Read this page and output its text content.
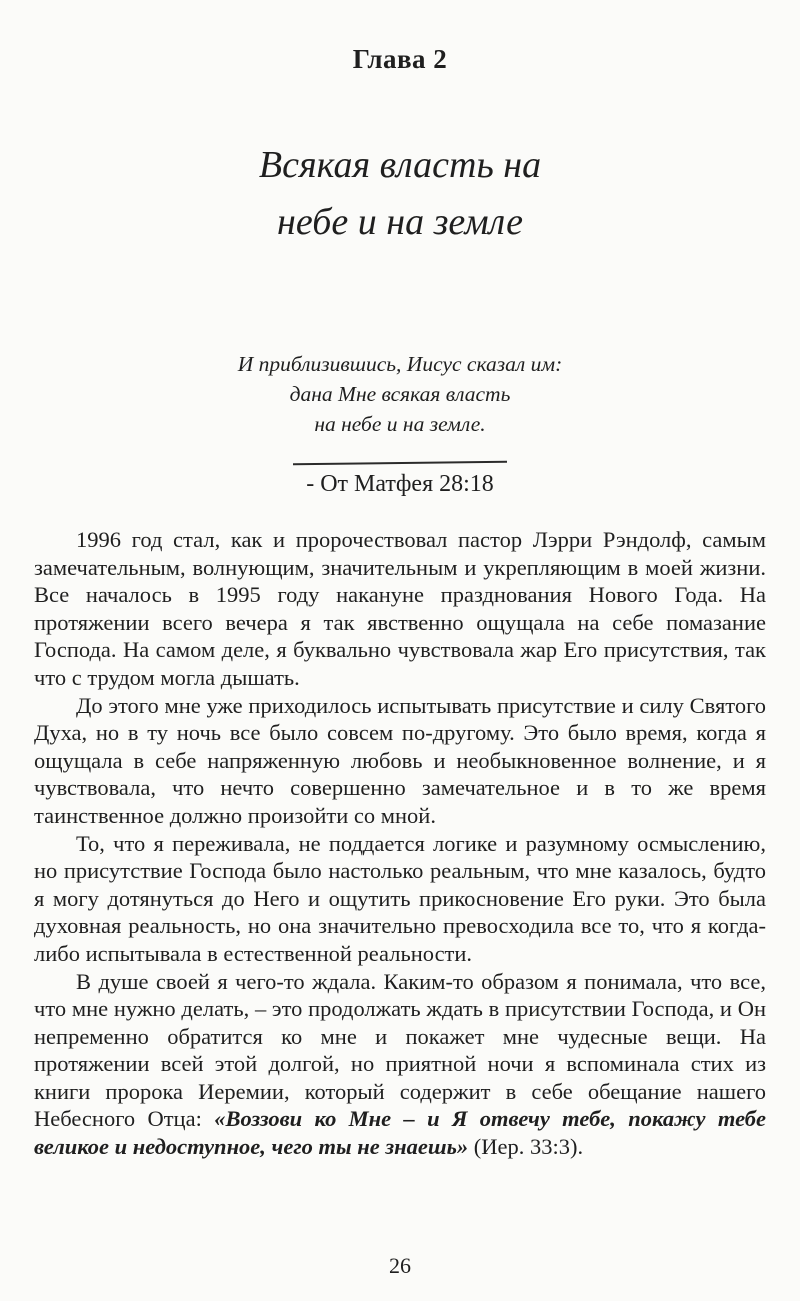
Глава 2
Всякая власть на
небе и на земле
И приблизившись, Иисус сказал им:
дана Мне всякая власть
на небе и на земле.
- От Матфея 28:18

1996 год стал, как и пророчествовал пастор Лэрри Рэндолф, самым замечательным, волнующим, значительным и укрепляющим в моей жизни. Все началось в 1995 году накануне празднования Нового Года. На протяжении всего вечера я так явственно ощущала на себе помазание Господа. На самом деле, я буквально чувствовала жар Его присутствия, так что с трудом могла дышать.

До этого мне уже приходилось испытывать присутствие и силу Святого Духа, но в ту ночь все было совсем по-другому. Это было время, когда я ощущала в себе напряженную любовь и необыкновенное волнение, и я чувствовала, что нечто совершенно замечательное и в то же время таинственное должно произойти со мной.

То, что я переживала, не поддается логике и разумному осмыслению, но присутствие Господа было настолько реальным, что мне казалось, будто я могу дотянуться до Него и ощутить прикосновение Его руки. Это была духовная реальность, но она значительно превосходила все то, что я когда-либо испытывала в естественной реальности.

В душе своей я чего-то ждала. Каким-то образом я понимала, что все, что мне нужно делать, – это продолжать ждать в присутствии Господа, и Он непременно обратится ко мне и покажет мне чудесные вещи. На протяжении всей этой долгой, но приятной ночи я вспоминала стих из книги пророка Иеремии, который содержит в себе обещание нашего Небесного Отца: «Воззови ко Мне – и Я отвечу тебе, покажу тебе великое и недоступное, чего ты не знаешь» (Иер. 33:3).

26
